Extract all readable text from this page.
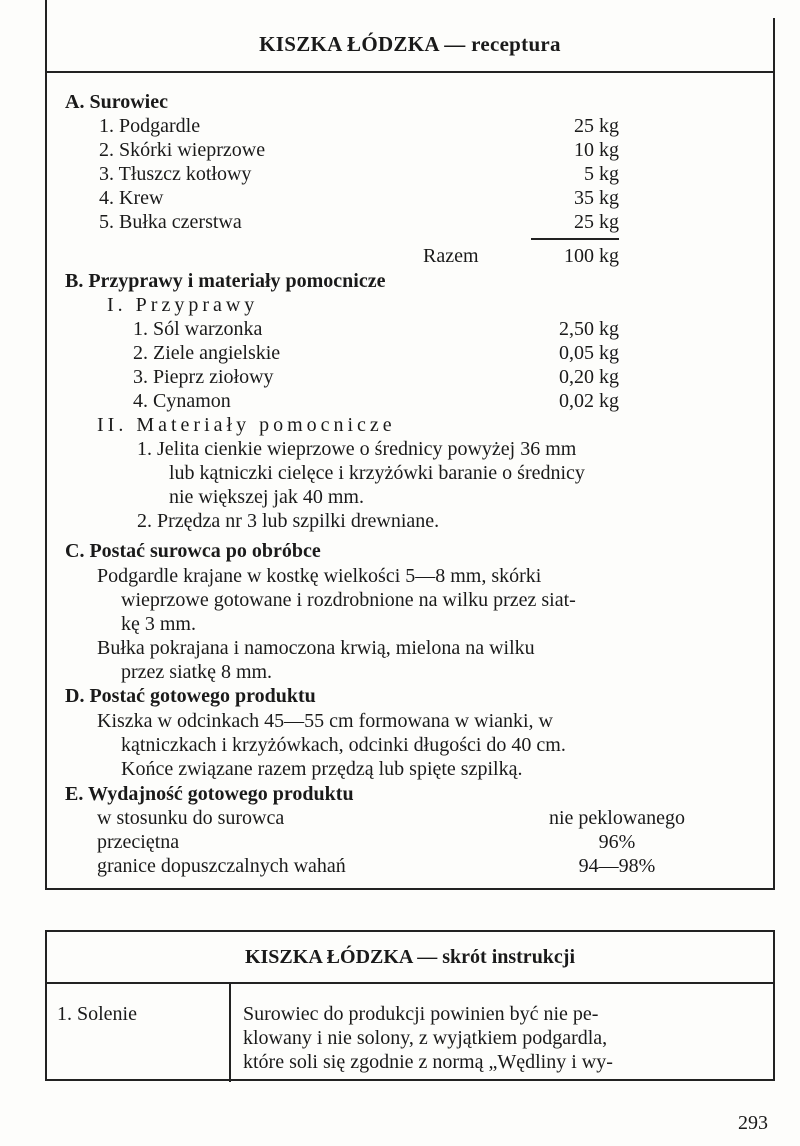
KISZKA ŁÓDZKA — receptura
A. Surowiec
1. Podgardle	25 kg
2. Skórki wieprzowe	10 kg
3. Tłuszcz kotłowy	5 kg
4. Krew	35 kg
5. Bułka czerstwa	25 kg
Razem	100 kg
B. Przyprawy i materiały pomocnicze
I. Przyprawy
1. Sól warzonka	2,50 kg
2. Ziele angielskie	0,05 kg
3. Pieprz ziołowy	0,20 kg
4. Cynamon	0,02 kg
II. Materiały pomocnicze
1. Jelita cienkie wieprzowe o średnicy powyżej 36 mm
lub kątniczki cielęce i krzyżówki baranie o średnicy
nie większej jak 40 mm.
2. Przędza nr 3 lub szpilki drewniane.
C. Postać surowca po obróbce
Podgardle krajane w kostkę wielkości 5—8 mm, skórki
wieprzowe gotowane i rozdrobnione na wilku przez siat-
kę 3 mm.
Bułka pokrajana i namoczona krwią, mielona na wilku
przez siatkę 8 mm.
D. Postać gotowego produktu
Kiszka w odcinkach 45—55 cm formowana w wianki, w
kątniczkach i krzyżówkach, odcinki długości do 40 cm.
Końce związane razem przędzą lub spięte szpilką.
E. Wydajność gotowego produktu
w stosunku do surowca	nie peklowanego
przeciętna	96%
granice dopuszczalnych wahań	94—98%
KISZKA ŁÓDZKA — skrót instrukcji
1. Solenie	Surowiec do produkcji powinien być nie pe-
klowany i nie solony, z wyjątkiem podgardla,
które soli się zgodnie z normą „Wędliny i wy-
293
